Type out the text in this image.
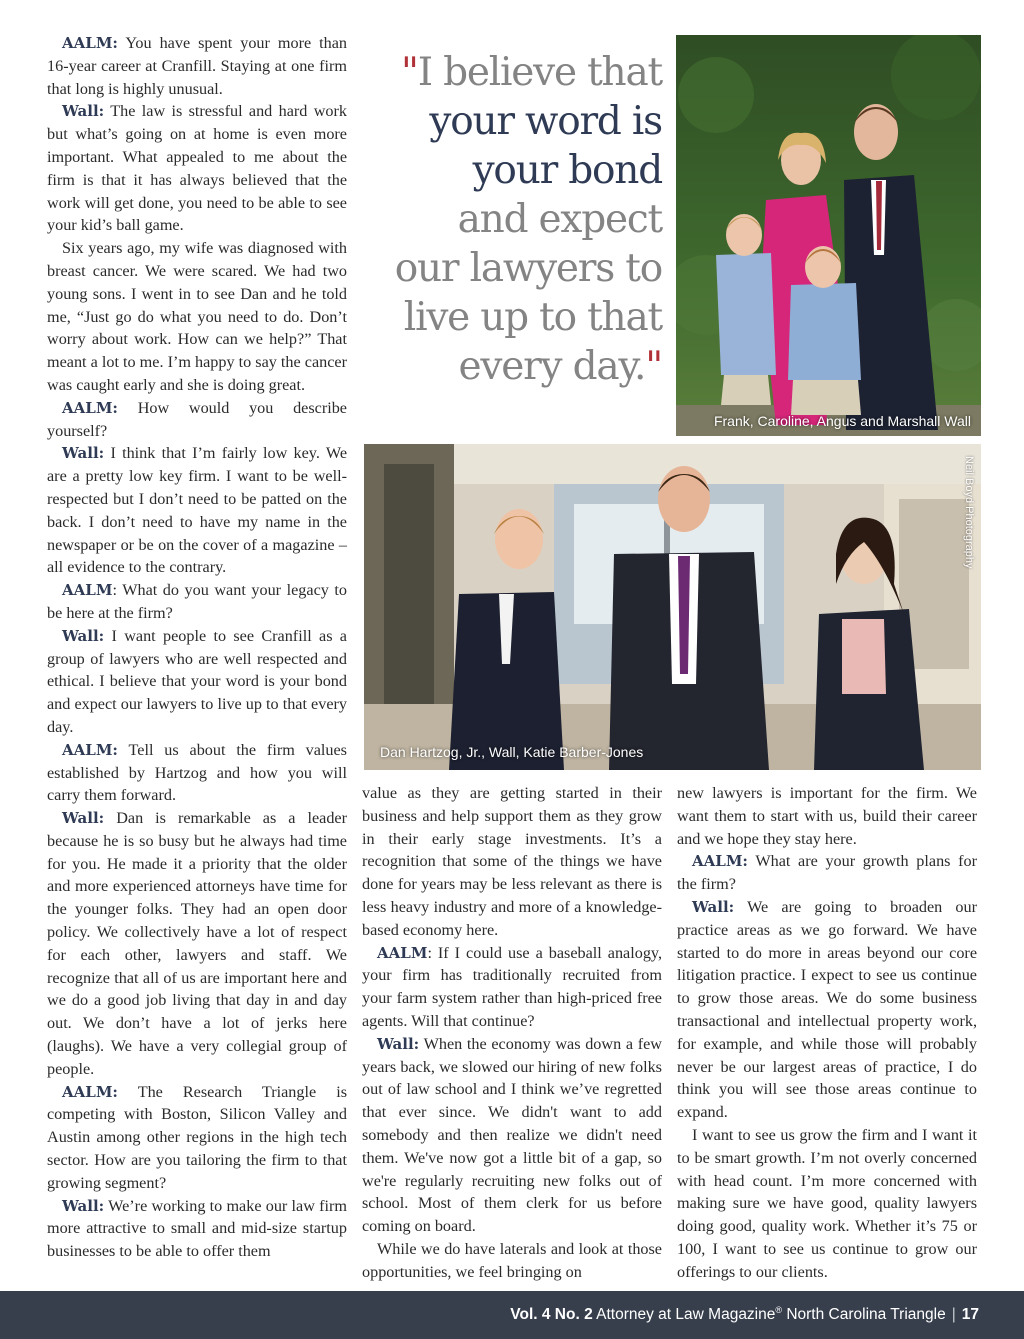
AALM: You have spent your more than 16-year career at Cranfill. Staying at one firm that long is highly unusual.

Wall: The law is stressful and hard work but what’s going on at home is even more important. What appealed to me about the firm is that it has always believed that the work will get done, you need to be able to see your kid’s ball game.

Six years ago, my wife was diagnosed with breast cancer. We were scared. We had two young sons. I went in to see Dan and he told me, “Just go do what you need to do. Don’t worry about work. How can we help?” That meant a lot to me. I’m happy to say the cancer was caught early and she is doing great.

AALM: How would you describe yourself?

Wall: I think that I’m fairly low key. We are a pretty low key firm. I want to be well-respected but I don’t need to be patted on the back. I don’t need to have my name in the newspaper or be on the cover of a magazine – all evidence to the contrary.

AALM: What do you want your legacy to be here at the firm?

Wall: I want people to see Cranfill as a group of lawyers who are well respected and ethical. I believe that your word is your bond and expect our lawyers to live up to that every day.

AALM: Tell us about the firm values established by Hartzog and how you will carry them forward.

Wall: Dan is remarkable as a leader because he is so busy but he always had time for you. He made it a priority that the older and more experienced attorneys have time for the younger folks. They had an open door policy. We collectively have a lot of respect for each other, lawyers and staff. We recognize that all of us are important here and we do a good job living that day in and day out. We don’t have a lot of jerks here (laughs). We have a very collegial group of people.

AALM: The Research Triangle is competing with Boston, Silicon Valley and Austin among other regions in the high tech sector. How are you tailoring the firm to that growing segment?

Wall: We’re working to make our law firm more attractive to small and mid-size startup businesses to be able to offer them

"I believe that
your word is
your bond
and expect
our lawyers to
live up to that
every day."
Frank, Caroline, Angus and Marshall Wall
Dan Hartzog, Jr., Wall, Katie Barber-Jones
Neil Boyd Photography

value as they are getting started in their business and help support them as they grow in their early stage investments. It’s a recognition that some of the things we have done for years may be less relevant as there is less heavy industry and more of a knowledge-based economy here.

AALM: If I could use a baseball analogy, your firm has traditionally recruited from your farm system rather than high-priced free agents. Will that continue?

Wall: When the economy was down a few years back, we slowed our hiring of new folks out of law school and I think we’ve regretted that ever since. We didn't want to add somebody and then realize we didn't need them. We've now got a little bit of a gap, so we're regularly recruiting new folks out of school. Most of them clerk for us before coming on board.

While we do have laterals and look at those opportunities, we feel bringing on

new lawyers is important for the firm. We want them to start with us, build their career and we hope they stay here.

AALM: What are your growth plans for the firm?

Wall: We are going to broaden our practice areas as we go forward. We have started to do more in areas beyond our core litigation practice. I expect to see us continue to grow those areas. We do some business transactional and intellectual property work, for example, and while those will probably never be our largest areas of practice, I do think you will see those areas continue to expand.

I want to see us grow the firm and I want it to be smart growth. I’m not overly concerned with head count. I’m more concerned with making sure we have good, quality lawyers doing good, quality work. Whether it’s 75 or 100, I want to see us continue to grow our offerings to our clients.

Vol. 4 No. 2 Attorney at Law Magazine® North Carolina Triangle | 17
